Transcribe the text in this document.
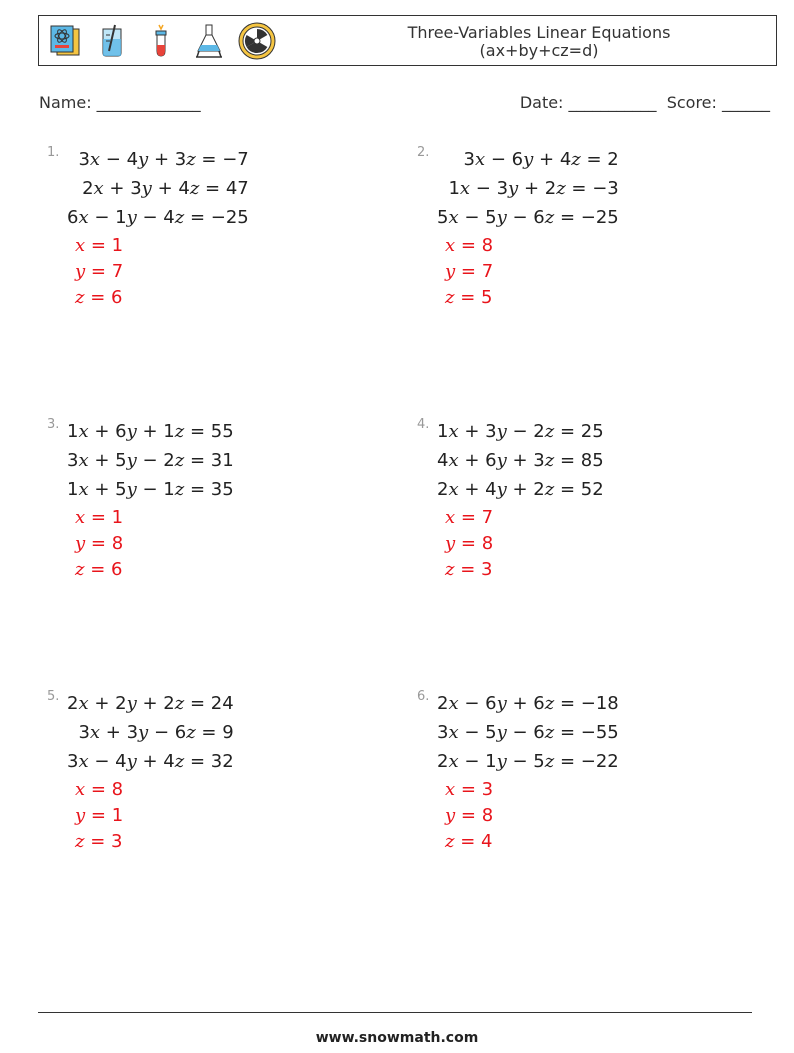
Three-Variables Linear Equations
(ax+by+cz=d)
Name: _____________	Date: ___________  Score: ______
1.	3x − 4y + 3z = −7
2x + 3y + 4z = 47
6x − 1y − 4z = −25
x = 1
y = 7
z = 6
2.	3x − 6y + 4z = 2
1x − 3y + 2z = −3
5x − 5y − 6z = −25
x = 8
y = 7
z = 5
3. 1x + 6y + 1z = 55
3x + 5y − 2z = 31
1x + 5y − 1z = 35
x = 1
y = 8
z = 6
4. 1x + 3y − 2z = 25
4x + 6y + 3z = 85
2x + 4y + 2z = 52
x = 7
y = 8
z = 3
5. 2x + 2y + 2z = 24
3x + 3y − 6z = 9
3x − 4y + 4z = 32
x = 8
y = 1
z = 3
6. 2x − 6y + 6z = −18
3x − 5y − 6z = −55
2x − 1y − 5z = −22
x = 3
y = 8
z = 4
www.snowmath.com
